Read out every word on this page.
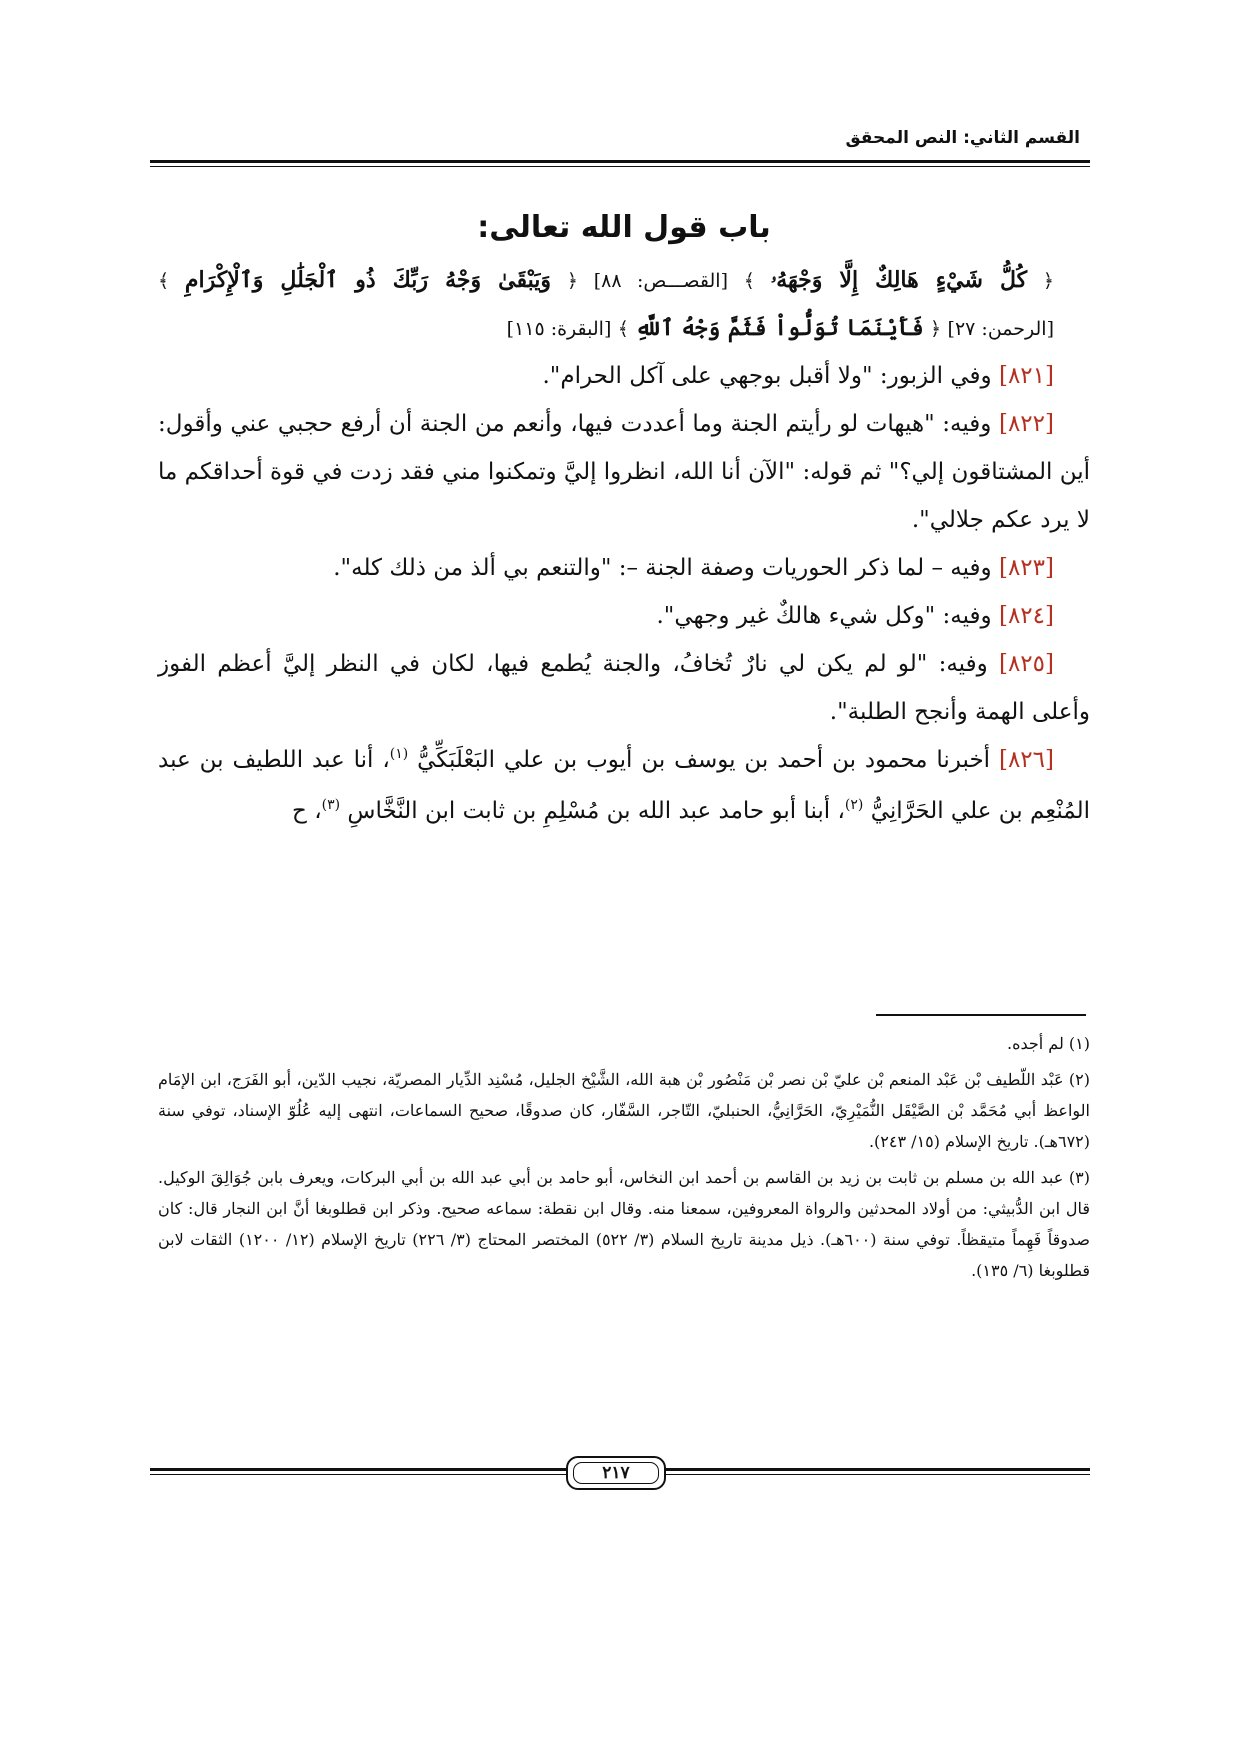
القسم الثاني: النص المحقق
باب قول الله تعالى:
﴿ كُلُّ شَيْءٍ هَالِكٌ إِلَّا وَجْهَهُۥ ﴾ [القصـــص: ٨٨] ﴿ وَيَبْقَىٰ وَجْهُ رَبِّكَ ذُو ٱلْجَلَٰلِ وَٱلْإِكْرَامِ ﴾
[الرحمن: ٢٧] ﴿ فَأَيْنَمَا تُوَلُّواْ فَثَمَّ وَجْهُ ٱللَّهِ ﴾ [البقرة: ١١٥]

[٨٢١] وفي الزبور: "ولا أقبل بوجهي على آكل الحرام".

[٨٢٢] وفيه: "هيهات لو رأيتم الجنة وما أعددت فيها، وأنعم من الجنة أن أرفع حجبي عني وأقول: أين المشتاقون إلي؟" ثم قوله: "الآن أنا الله، انظروا إليَّ وتمكنوا مني فقد زدت في قوة أحداقكم ما لا يرد عكم جلالي".

[٨٢٣] وفيه – لما ذكر الحوريات وصفة الجنة –: "والتنعم بي ألذ من ذلك كله".

[٨٢٤] وفيه: "وكل شيء هالكٌ غير وجهي".

[٨٢٥] وفيه: "لو لم يكن لي نارٌ تُخافُ، والجنة يُطمع فيها، لكان في النظر إليَّ أعظم الفوز وأعلى الهمة وأنجح الطلبة".

[٨٢٦] أخبرنا محمود بن أحمد بن يوسف بن أيوب بن علي البَعْلَبَكِّيُّ $^{(١)}$، أنا عبد اللطيف بن عبد المُنْعِم بن علي الحَرَّانِيُّ $^{(٢)}$، أبنا أبو حامد عبد الله بن مُسْلِمِ بن ثابت ابن النَّخَّاسِ $^{(٣)}$، ح

(١) لم أجده.
(٢) عَبْد اللّطيف بْن عَبْد المنعم بْن عليّ بْن نصر بْن مَنْصُور بْن هبة الله، الشَّيْخ الجليل، مُسْنِد الدِّيار المصريّة، نجيب الدّين، أبو الفَرَج، ابن الإمَام الواعظ أبي مُحَمَّد بْن الصَّيْقَل النُّمَيْرِيّ، الحَرَّانِيُّ، الحنبليّ، التّاجر، السَّفّار، كان صدوقًا، صحيح السماعات، انتهى إليه عُلُوّ الإسناد، توفي سنة (٦٧٢هـ). تاريخ الإسلام (١٥/ ٢٤٣).
(٣) عبد الله بن مسلم بن ثابت بن زيد بن القاسم بن أحمد ابن النخاس، أبو حامد بن أبي عبد الله بن أبي البركات، ويعرف بابن جُوَالِقَ الوكيل. قال ابن الدُّبيثي: من أولاد المحدثين والرواة المعروفين، سمعنا منه. وقال ابن نقطة: سماعه صحيح. وذكر ابن قطلوبغا أنَّ ابن النجار قال: كان صدوقاً فَهِماً متيقظاً. توفي سنة (٦٠٠هـ). ذيل مدينة تاريخ السلام (٣/ ٥٢٢) المختصر المحتاج (٣/ ٢٢٦) تاريخ الإسلام (١٢/ ١٢٠٠) الثقات لابن قطلوبغا (٦/ ١٣٥).
٢١٧
